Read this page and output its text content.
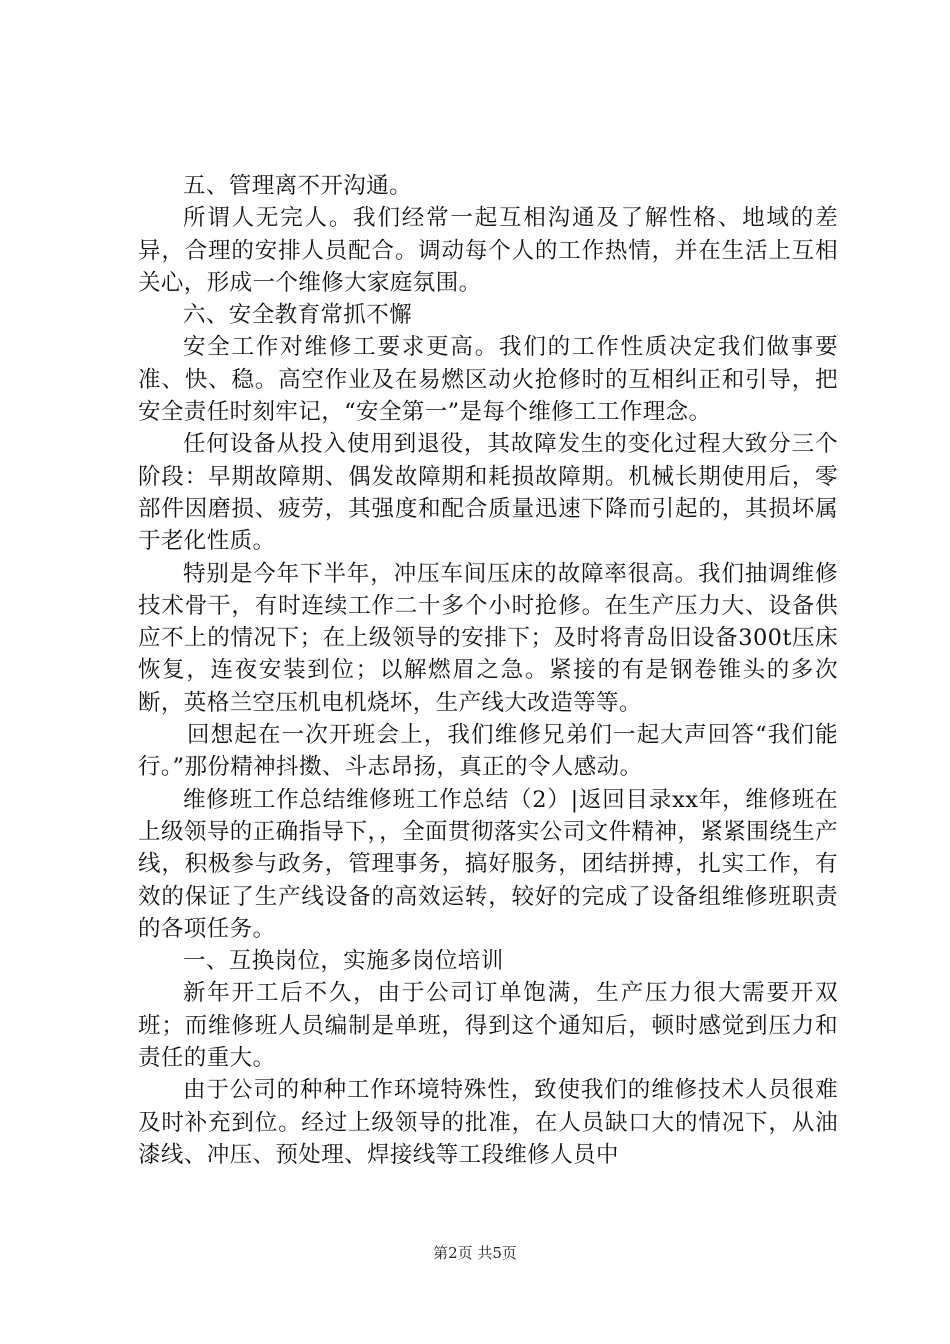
五、管理离不开沟通。

所谓人无完人。我们经常一起互相沟通及了解性格、地域的差异，合理的安排人员配合。调动每个人的工作热情，并在生活上互相关心，形成一个维修大家庭氛围。

六、安全教育常抓不懈

安全工作对维修工要求更高。我们的工作性质决定我们做事要准、快、稳。高空作业及在易燃区动火抢修时的互相纠正和引导，把安全责任时刻牢记，“安全第一”是每个维修工工作理念。

任何设备从投入使用到退役，其故障发生的变化过程大致分三个阶段：早期故障期、偶发故障期和耗损故障期。机械长期使用后，零部件因磨损、疲劳，其强度和配合质量迅速下降而引起的，其损坏属于老化性质。

特别是今年下半年，冲压车间压床的故障率很高。我们抽调维修技术骨干，有时连续工作二十多个小时抢修。在生产压力大、设备供应不上的情况下；在上级领导的安排下；及时将青岛旧设备300t压床恢复，连夜安装到位；以解燃眉之急。紧接的有是钢卷锥头的多次断，英格兰空压机电机烧坏，生产线大改造等等。

回想起在一次开班会上，我们维修兄弟们一起大声回答“我们能行。”那份精神抖擞、斗志昂扬，真正的令人感动。

维修班工作总结维修班工作总结（2）|返回目录xx年，维修班在上级领导的正确指导下，，全面贯彻落实公司文件精神，紧紧围绕生产线，积极参与政务，管理事务，搞好服务，团结拼搏，扎实工作，有效的保证了生产线设备的高效运转，较好的完成了设备组维修班职责的各项任务。

一、互换岗位，实施多岗位培训

新年开工后不久，由于公司订单饱满，生产压力很大需要开双班；而维修班人员编制是单班，得到这个通知后，顿时感觉到压力和责任的重大。

由于公司的种种工作环境特殊性，致使我们的维修技术人员很难及时补充到位。经过上级领导的批准，在人员缺口大的情况下，从油漆线、冲压、预处理、焊接线等工段维修人员中

第2页 共5页
